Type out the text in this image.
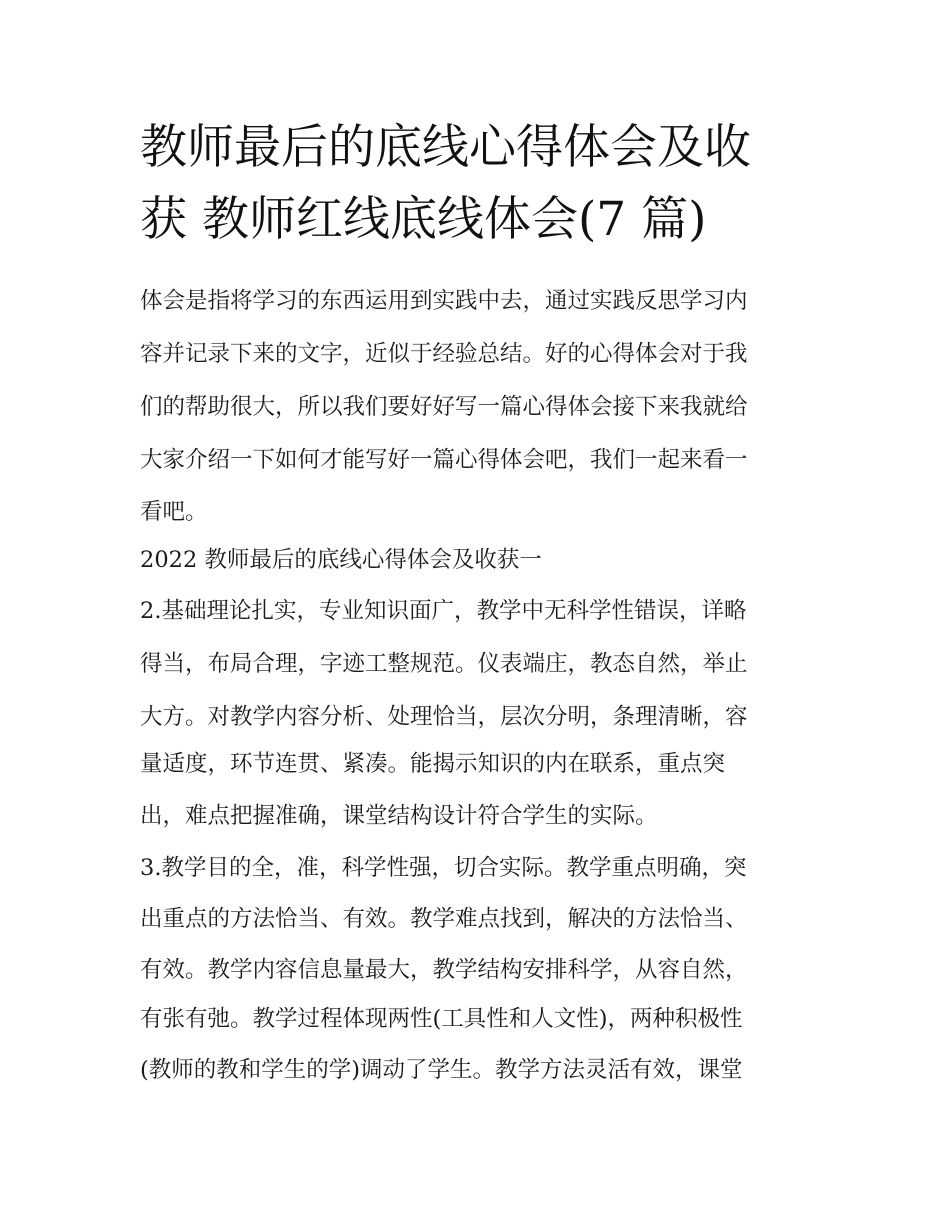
教师最后的底线心得体会及收
获 教师红线底线体会(7 篇)
体会是指将学习的东西运用到实践中去，通过实践反思学习内
容并记录下来的文字，近似于经验总结。好的心得体会对于我
们的帮助很大，所以我们要好好写一篇心得体会接下来我就给
大家介绍一下如何才能写好一篇心得体会吧，我们一起来看一
看吧。
2022 教师最后的底线心得体会及收获一
2.基础理论扎实，专业知识面广，教学中无科学性错误，详略
得当，布局合理，字迹工整规范。仪表端庄，教态自然，举止
大方。对教学内容分析、处理恰当，层次分明，条理清晰，容
量适度，环节连贯、紧凑。能揭示知识的内在联系，重点突
出，难点把握准确，课堂结构设计符合学生的实际。
3.教学目的全，准，科学性强，切合实际。教学重点明确，突
出重点的方法恰当、有效。教学难点找到，解决的方法恰当、
有效。教学内容信息量最大，教学结构安排科学，从容自然，
有张有弛。教学过程体现两性(工具性和人文性)，两种积极性
(教师的教和学生的学)调动了学生。教学方法灵活有效，课堂
